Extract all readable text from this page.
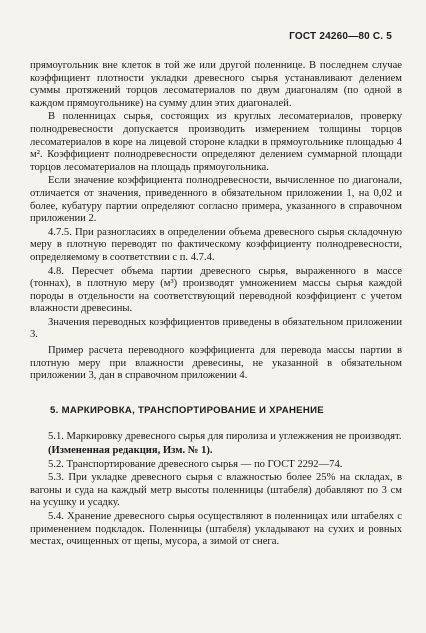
ГОСТ 24260—80 С. 5

прямоугольник вне клеток в той же или другой поленнице. В последнем случае коэффициент плотности укладки древесного сырья устанавливают делением суммы протяжений торцов лесоматериалов по двум диагоналям (по одной в каждом прямоугольнике) на сумму длин этих диагоналей.

В поленницах сырья, состоящих из круглых лесоматериалов, проверку полнодревесности допускается производить измерением толщины торцов лесоматериалов в коре на лицевой стороне кладки в прямоугольнике площадью 4 м². Коэффициент полнодревесности определяют делением суммарной площади торцов лесоматериалов на площадь прямоугольника.

Если значение коэффициента полнодревесности, вычисленное по диагонали, отличается от значения, приведенного в обязательном приложении 1, на 0,02 и более, кубатуру партии определяют согласно примера, указанного в справочном приложении 2.

4.7.5. При разногласиях в определении объема древесного сырья складочную меру в плотную переводят по фактическому коэффициенту полнодревесности, определяемому в соответствии с п. 4.7.4.

4.8. Пересчет объема партии древесного сырья, выраженного в массе (тоннах), в плотную меру (м³) производят умножением массы сырья каждой породы в отдельности на соответствующий переводной коэффициент с учетом влажности древесины.

Значения переводных коэффициентов приведены в обязательном приложении 3.

Пример расчета переводного коэффициента для перевода массы партии в плотную меру при влажности древесины, не указанной в обязательном приложении 3, дан в справочном приложении 4.

5. МАРКИРОВКА, ТРАНСПОРТИРОВАНИЕ И ХРАНЕНИЕ

5.1. Маркировку древесного сырья для пиролиза и углежжения не производят.

(Измененная редакция, Изм. № 1).

5.2. Транспортирование древесного сырья — по ГОСТ 2292—74.

5.3. При укладке древесного сырья с влажностью более 25% на складах, в вагоны и суда на каждый метр высоты поленницы (штабеля) добавляют по 3 см на усушку и усадку.

5.4. Хранение древесного сырья осуществляют в поленницах или штабелях с применением подкладок. Поленницы (штабеля) укладывают на сухих и ровных местах, очищенных от щепы, мусора, а зимой от снега.
